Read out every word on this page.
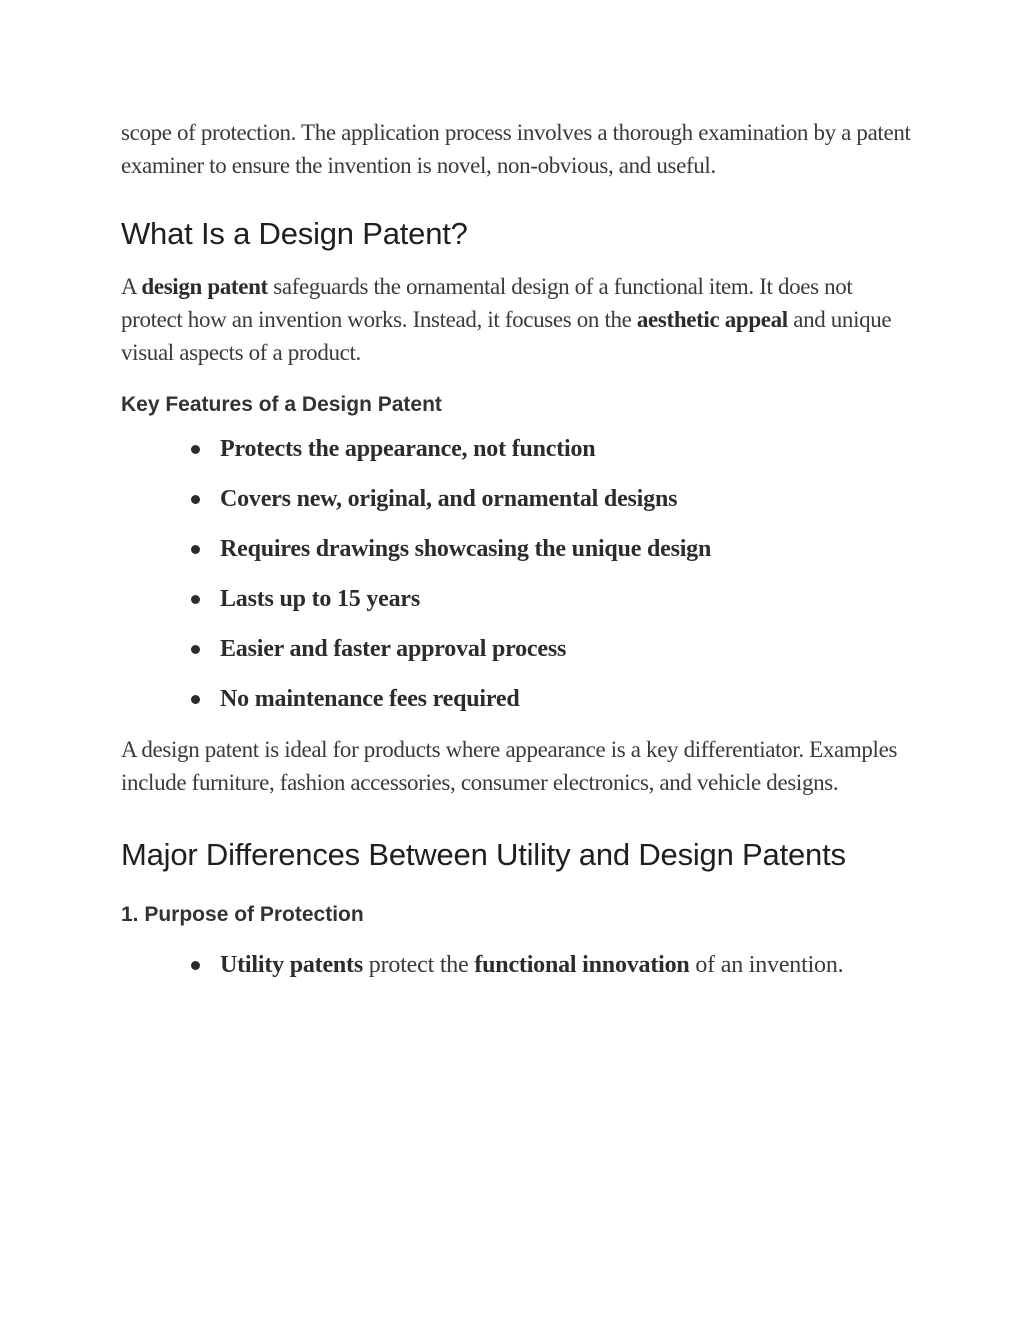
scope of protection. The application process involves a thorough examination by a patent examiner to ensure the invention is novel, non-obvious, and useful.

What Is a Design Patent?

A design patent safeguards the ornamental design of a functional item. It does not protect how an invention works. Instead, it focuses on the aesthetic appeal and unique visual aspects of a product.

Key Features of a Design Patent
Protects the appearance, not function
Covers new, original, and ornamental designs
Requires drawings showcasing the unique design
Lasts up to 15 years
Easier and faster approval process
No maintenance fees required

A design patent is ideal for products where appearance is a key differentiator. Examples include furniture, fashion accessories, consumer electronics, and vehicle designs.

Major Differences Between Utility and Design Patents
1. Purpose of Protection
Utility patents protect the functional innovation of an invention.
